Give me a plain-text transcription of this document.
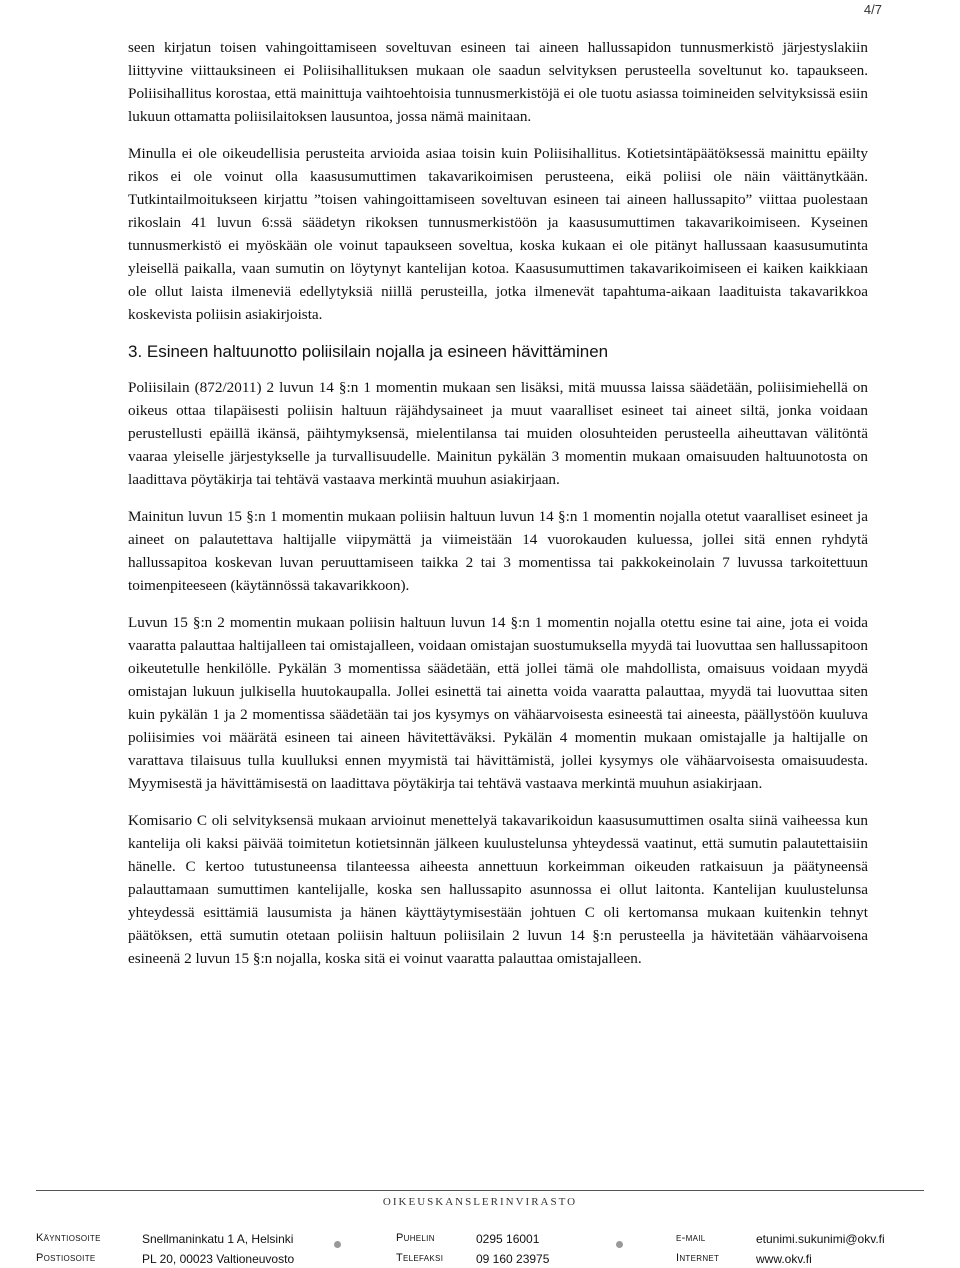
4/7

seen kirjatun toisen vahingoittamiseen soveltuvan esineen tai aineen hallussapidon tunnusmerkistö järjestyslakiin liittyvine viittauksineen ei Poliisihallituksen mukaan ole saadun selvityksen perusteella soveltunut ko. tapaukseen. Poliisihallitus korostaa, että mainittuja vaihtoehtoisia tunnusmerkistöjä ei ole tuotu asiassa toimineiden selvityksissä esiin lukuun ottamatta poliisilaitoksen lausuntoa, jossa nämä mainitaan.

Minulla ei ole oikeudellisia perusteita arvioida asiaa toisin kuin Poliisihallitus. Kotietsintäpäätöksessä mainittu epäilty rikos ei ole voinut olla kaasusumuttimen takavarikoimisen perusteena, eikä poliisi ole näin väittänytkään. Tutkintailmoitukseen kirjattu ”toisen vahingoittamiseen soveltuvan esineen tai aineen hallussapito” viittaa puolestaan rikoslain 41 luvun 6:ssä säädetyn rikoksen tunnusmerkistöön ja kaasusumuttimen takavarikoimiseen. Kyseinen tunnusmerkistö ei myöskään ole voinut tapaukseen soveltua, koska kukaan ei ole pitänyt hallussaan kaasusumutinta yleisellä paikalla, vaan sumutin on löytynyt kantelijan kotoa. Kaasusumuttimen takavarikoimiseen ei kaiken kaikkiaan ole ollut laista ilmeneviä edellytyksiä niillä perusteilla, jotka ilmenevät tapahtuma-aikaan laadituista takavarikkoa koskevista poliisin asiakirjoista.

3. Esineen haltuunotto poliisilain nojalla ja esineen hävittäminen

Poliisilain (872/2011) 2 luvun 14 §:n 1 momentin mukaan sen lisäksi, mitä muussa laissa säädetään, poliisimiehellä on oikeus ottaa tilapäisesti poliisin haltuun räjähdysaineet ja muut vaaralliset esineet tai aineet siltä, jonka voidaan perustellusti epäillä ikänsä, päihtymyksensä, mielentilansa tai muiden olosuhteiden perusteella aiheuttavan välitöntä vaaraa yleiselle järjestykselle ja turvallisuudelle. Mainitun pykälän 3 momentin mukaan omaisuuden haltuunotosta on laadittava pöytäkirja tai tehtävä vastaava merkintä muuhun asiakirjaan.

Mainitun luvun 15 §:n 1 momentin mukaan poliisin haltuun luvun 14 §:n 1 momentin nojalla otetut vaaralliset esineet ja aineet on palautettava haltijalle viipymättä ja viimeistään 14 vuorokauden kuluessa, jollei sitä ennen ryhdytä hallussapitoa koskevan luvan peruuttamiseen taikka 2 tai 3 momentissa tai pakkokeinolain 7 luvussa tarkoitettuun toimenpiteeseen (käytännössä takavarikkoon).

Luvun 15 §:n 2 momentin mukaan poliisin haltuun luvun 14 §:n 1 momentin nojalla otettu esine tai aine, jota ei voida vaaratta palauttaa haltijalleen tai omistajalleen, voidaan omistajan suostumuksella myydä tai luovuttaa sen hallussapitoon oikeutetulle henkilölle. Pykälän 3 momentissa säädetään, että jollei tämä ole mahdollista, omaisuus voidaan myydä omistajan lukuun julkisella huutokaupalla. Jollei esinettä tai ainetta voida vaaratta palauttaa, myydä tai luovuttaa siten kuin pykälän 1 ja 2 momentissa säädetään tai jos kysymys on vähäarvoisesta esineestä tai aineesta, päällystöön kuuluva poliisimies voi määrätä esineen tai aineen hävitettäväksi. Pykälän 4 momentin mukaan omistajalle ja haltijalle on varattava tilaisuus tulla kuulluksi ennen myymistä tai hävittämistä, jollei kysymys ole vähäarvoisesta omaisuudesta. Myymisestä ja hävittämisestä on laadittava pöytäkirja tai tehtävä vastaava merkintä muuhun asiakirjaan.

Komisario C oli selvityksensä mukaan arvioinut menettelyä takavarikoidun kaasusumuttimen osalta siinä vaiheessa kun kantelija oli kaksi päivää toimitetun kotietsinnän jälkeen kuulustelunsa yhteydessä vaatinut, että sumutin palautettaisiin hänelle. C kertoo tutustuneensa tilanteessa aiheesta annettuun korkeimman oikeuden ratkaisuun ja päätyneensä palauttamaan sumuttimen kantelijalle, koska sen hallussapito asunnossa ei ollut laitonta. Kantelijan kuulustelunsa yhteydessä esittämiä lausumista ja hänen käyttäytymisestään johtuen C oli kertomansa mukaan kuitenkin tehnyt päätöksen, että sumutin otetaan poliisin haltuun poliisilain 2 luvun 14 §:n perusteella ja hävitetään vähäarvoisena esineenä 2 luvun 15 §:n nojalla, koska sitä ei voinut vaaratta palauttaa omistajalleen.

OIKEUSKANSLERINVIRASTO
Käyntiosoite	Snellmaninkatu 1 A, Helsinki	Puhelin	0295 16001	e-mail	etunimi.sukunimi@okv.fi
Postiosoite	PL 20, 00023 Valtioneuvosto	Telefaksi	09 160 23975	Internet	www.okv.fi
